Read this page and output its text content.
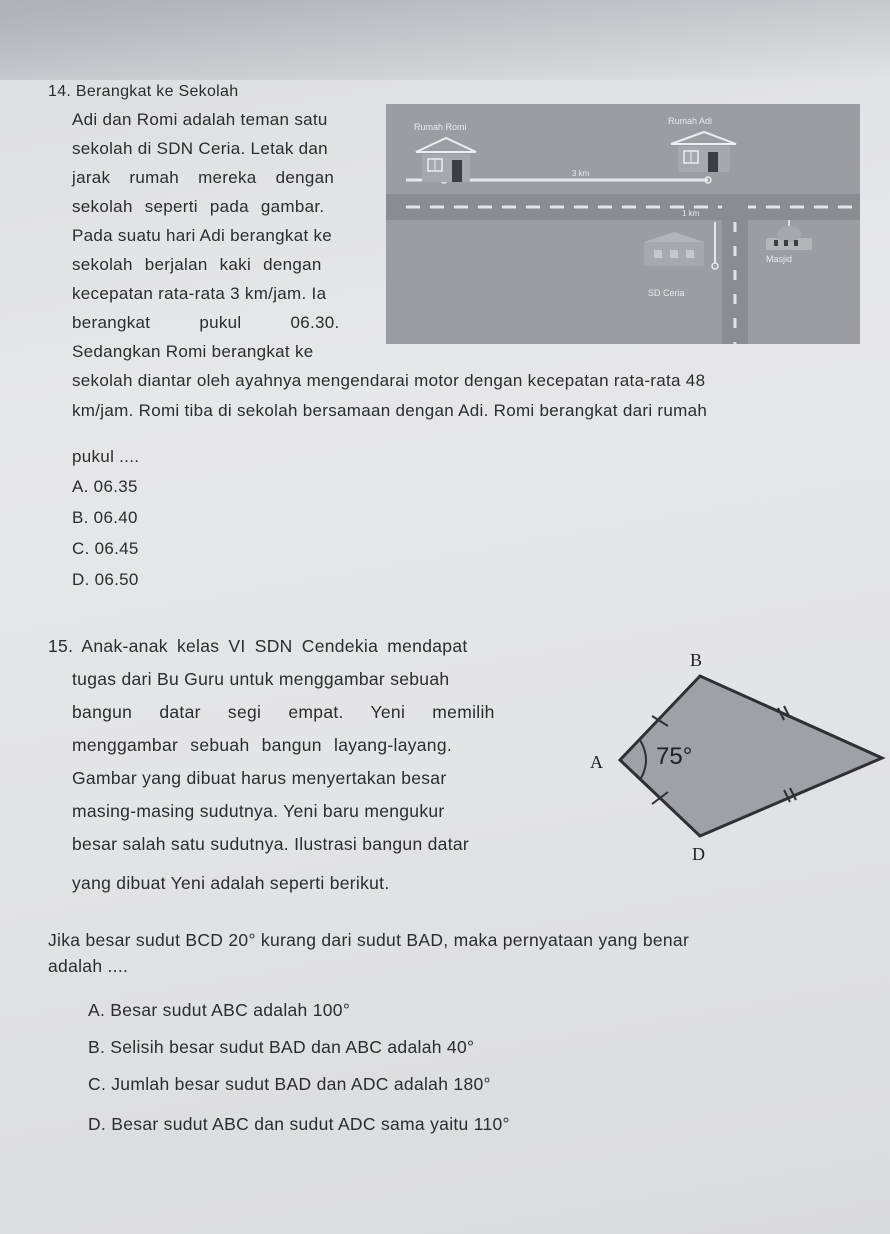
14. Berangkat ke Sekolah
Adi dan Romi adalah teman satu
sekolah di SDN Ceria. Letak dan
jarak rumah mereka dengan
sekolah seperti pada gambar.
Pada suatu hari Adi berangkat ke
sekolah berjalan kaki dengan
kecepatan rata-rata 3 km/jam. Ia
berangkat pukul 06.30.
Sedangkan Romi berangkat ke
sekolah diantar oleh ayahnya mengendarai motor dengan kecepatan rata-rata 48
km/jam. Romi tiba di sekolah bersamaan dengan Adi. Romi berangkat dari rumah
pukul ....
A. 06.35
B. 06.40
C. 06.45
D. 06.50
Rumah Romi
Rumah Adi
3 km
1 km
SD Ceria
Masjid
15. Anak-anak kelas VI SDN Cendekia mendapat
tugas dari Bu Guru untuk menggambar sebuah
bangun datar segi empat. Yeni memilih
menggambar sebuah bangun layang-layang.
Gambar yang dibuat harus menyertakan besar
masing-masing sudutnya. Yeni baru mengukur
besar salah satu sudutnya. Ilustrasi bangun datar
yang dibuat Yeni adalah seperti berikut.
75°
A
B
D
Jika besar sudut BCD 20° kurang dari sudut BAD, maka pernyataan yang benar
adalah ....
A. Besar sudut ABC adalah 100°
B. Selisih besar sudut BAD dan ABC adalah 40°
C. Jumlah besar sudut BAD dan ADC adalah 180°
D. Besar sudut ABC dan sudut ADC sama yaitu 110°
